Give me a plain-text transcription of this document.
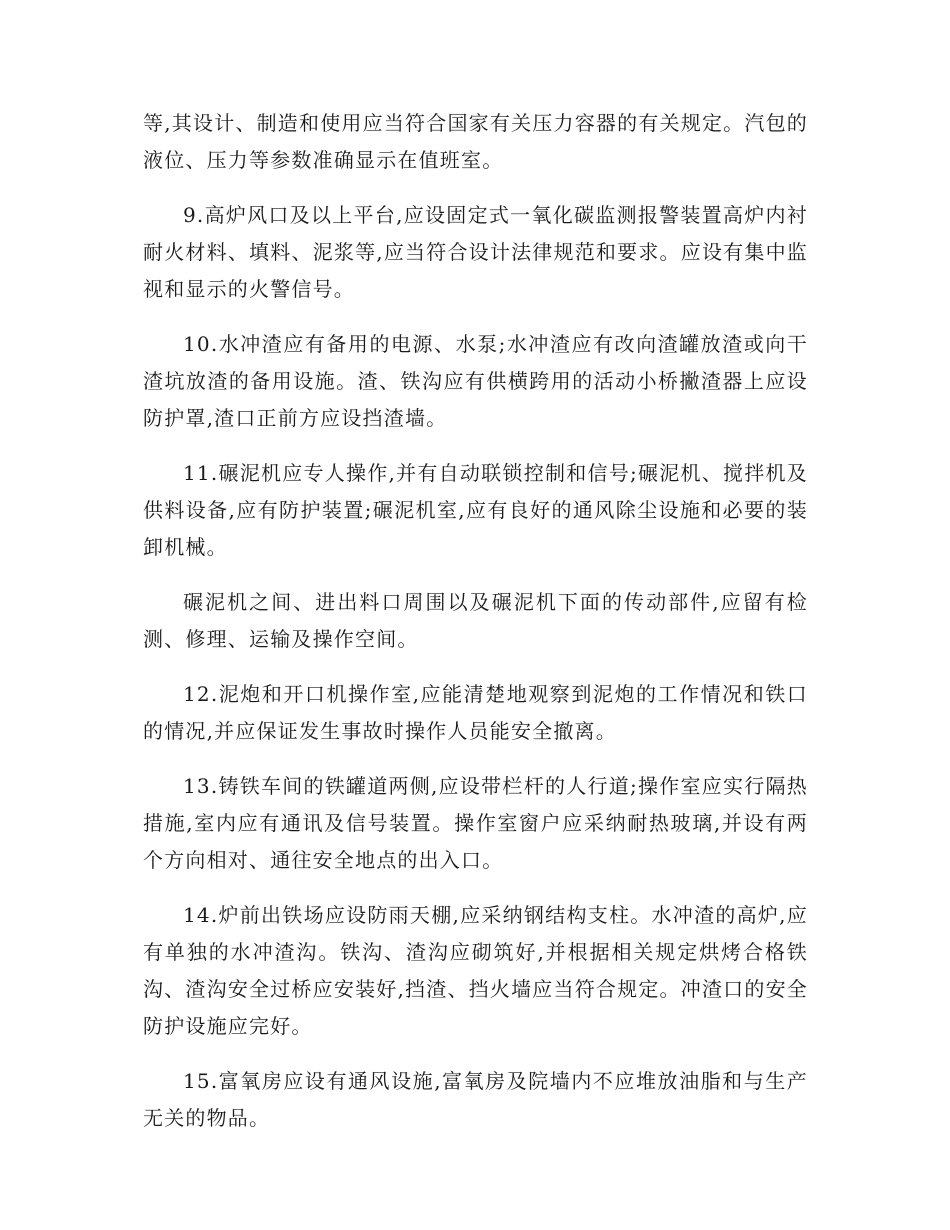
等,其设计、制造和使用应当符合国家有关压力容器的有关规定。汽包的液位、压力等参数准确显示在值班室。

9.高炉风口及以上平台,应设固定式一氧化碳监测报警装置高炉内衬耐火材料、填料、泥浆等,应当符合设计法律规范和要求。应设有集中监视和显示的火警信号。

10.水冲渣应有备用的电源、水泵;水冲渣应有改向渣罐放渣或向干渣坑放渣的备用设施。渣、铁沟应有供横跨用的活动小桥撇渣器上应设防护罩,渣口正前方应设挡渣墙。

11.碾泥机应专人操作,并有自动联锁控制和信号;碾泥机、搅拌机及供料设备,应有防护装置;碾泥机室,应有良好的通风除尘设施和必要的装卸机械。

碾泥机之间、进出料口周围以及碾泥机下面的传动部件,应留有检测、修理、运输及操作空间。

12.泥炮和开口机操作室,应能清楚地观察到泥炮的工作情况和铁口的情况,并应保证发生事故时操作人员能安全撤离。

13.铸铁车间的铁罐道两侧,应设带栏杆的人行道;操作室应实行隔热措施,室内应有通讯及信号装置。操作室窗户应采纳耐热玻璃,并设有两个方向相对、通往安全地点的出入口。

14.炉前出铁场应设防雨天棚,应采纳钢结构支柱。水冲渣的高炉,应有单独的水冲渣沟。铁沟、渣沟应砌筑好,并根据相关规定烘烤合格铁沟、渣沟安全过桥应安装好,挡渣、挡火墙应当符合规定。冲渣口的安全防护设施应完好。

15.富氧房应设有通风设施,富氧房及院墙内不应堆放油脂和与生产无关的物品。
